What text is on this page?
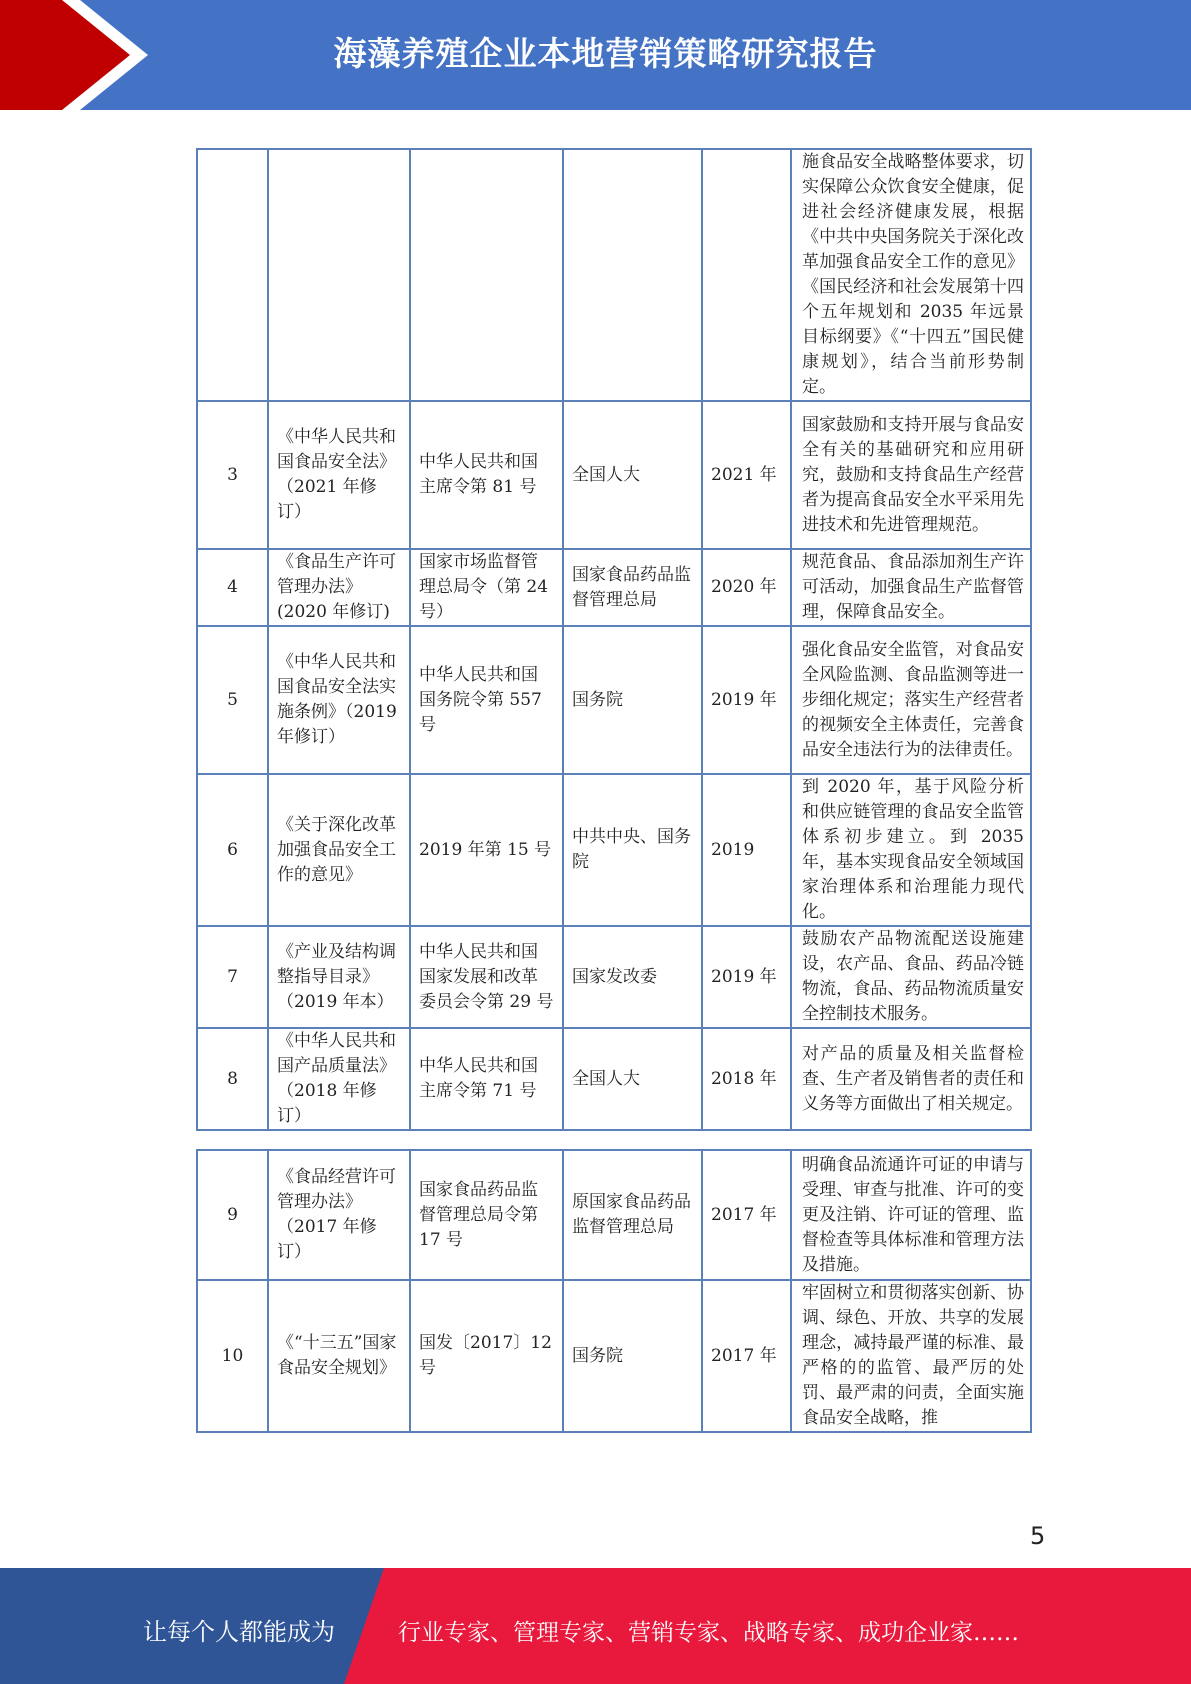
海藻养殖企业本地营销策略研究报告
					施食品安全战略整体要求，切实保障公众饮食安全健康，促进社会经济健康发展，根据《中共中央国务院关于深化改革加强食品安全工作的意见》《国民经济和社会发展第十四个五年规划和 2035 年远景目标纲要》《“十四五”国民健康规划》，结合当前形势制定。
3	《中华人民共和国食品安全法》（2021 年修订）	中华人民共和国主席令第 81 号	全国人大	2021 年	国家鼓励和支持开展与食品安全有关的基础研究和应用研究，鼓励和支持食品生产经营者为提高食品安全水平采用先进技术和先进管理规范。
4	《食品生产许可管理办法》(2020 年修订)	国家市场监督管理总局令（第 24 号）	国家食品药品监督管理总局	2020 年	规范食品、食品添加剂生产许可活动，加强食品生产监督管理，保障食品安全。
5	《中华人民共和国食品安全法实施条例》（2019 年修订）	中华人民共和国国务院令第 557 号	国务院	2019 年	强化食品安全监管，对食品安全风险监测、食品监测等进一步细化规定；落实生产经营者的视频安全主体责任，完善食品安全违法行为的法律责任。
6	《关于深化改革加强食品安全工作的意见》	2019 年第 15 号	中共中央、国务院	2019	到 2020 年，基于风险分析和供应链管理的食品安全监管体系初步建立。到 2035 年，基本实现食品安全领域国家治理体系和治理能力现代化。
7	《产业及结构调整指导目录》（2019 年本）	中华人民共和国国家发展和改革委员会令第 29 号	国家发改委	2019 年	鼓励农产品物流配送设施建设，农产品、食品、药品冷链物流，食品、药品物流质量安全控制技术服务。
8	《中华人民共和国产品质量法》（2018 年修订）	中华人民共和国主席令第 71 号	全国人大	2018 年	对产品的质量及相关监督检查、生产者及销售者的责任和义务等方面做出了相关规定。
9	《食品经营许可管理办法》（2017 年修订）	国家食品药品监督管理总局令第 17 号	原国家食品药品监督管理总局	2017 年	明确食品流通许可证的申请与受理、审查与批准、许可的变更及注销、许可证的管理、监督检查等具体标准和管理方法及措施。
10	《“十三五”国家食品安全规划》	国发〔2017〕12 号	国务院	2017 年	牢固树立和贯彻落实创新、协调、绿色、开放、共享的发展理念，减持最严谨的标准、最严格的的监管、最严厉的处罚、最严肃的问责，全面实施食品安全战略，推
5
让每个人都能成为	行业专家、管理专家、营销专家、战略专家、成功企业家……
